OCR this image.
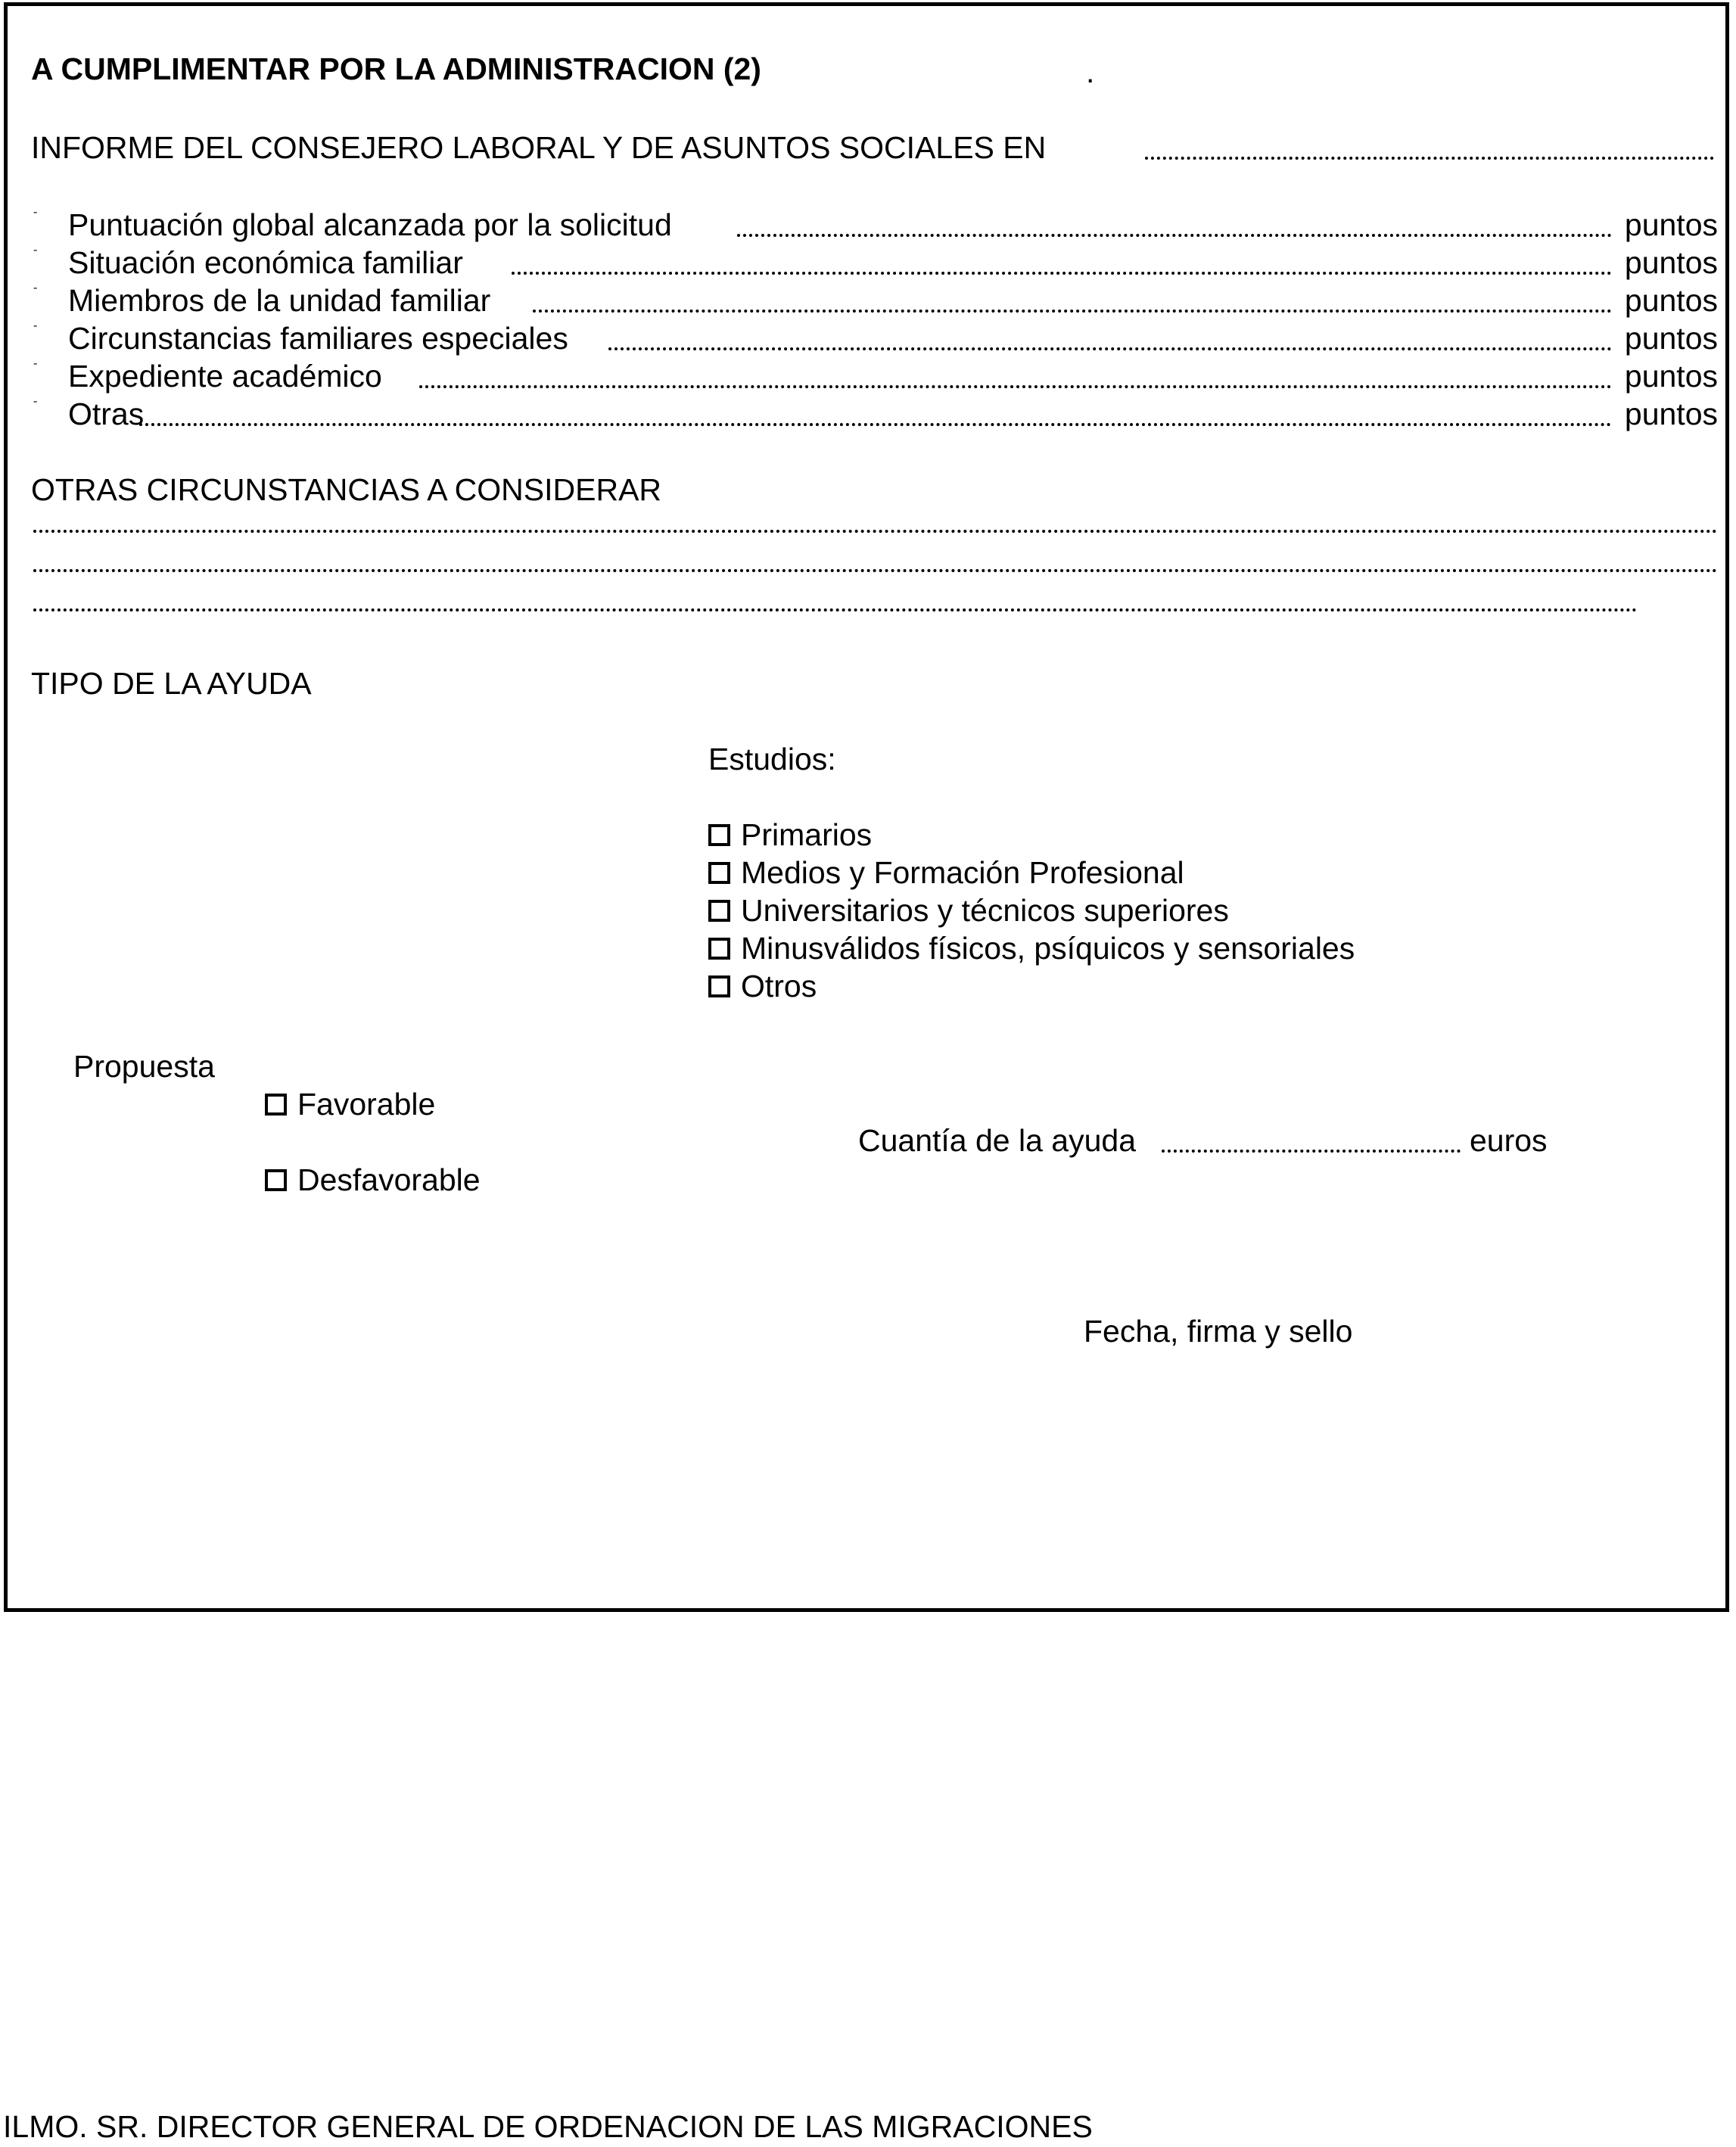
A CUMPLIMENTAR POR LA ADMINISTRACION (2)	.
INFORME DEL CONSEJERO LABORAL Y DE ASUNTOS SOCIALES EN
- Puntuación global alcanzada por la solicitud	puntos
- Situación económica familiar	puntos
- Miembros de la unidad familiar	puntos
- Circunstancias familiares especiales	puntos
- Expediente académico	puntos
- Otras	puntos
OTRAS CIRCUNSTANCIAS A CONSIDERAR
TIPO DE LA AYUDA
Estudios:
Primarios
Medios y Formación Profesional
Universitarios y técnicos superiores
Minusválidos físicos, psíquicos y sensoriales
Otros
Propuesta
Favorable
Desfavorable
Cuantía de la ayuda	euros
Fecha, firma y sello
ILMO. SR. DIRECTOR GENERAL DE ORDENACION DE LAS MIGRACIONES
